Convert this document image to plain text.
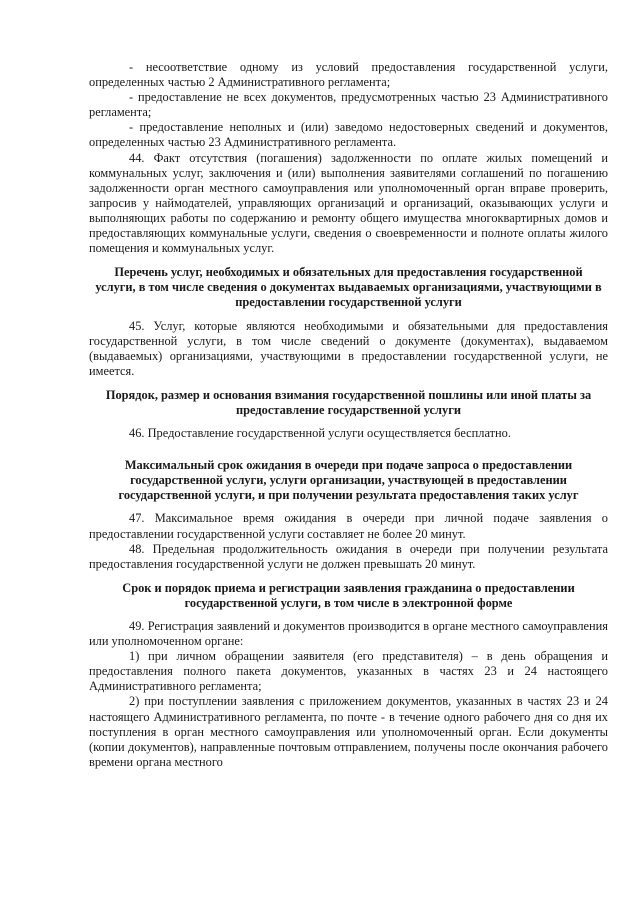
- несоответствие одному из условий предоставления государственной услуги, определенных частью 2 Административного регламента;

- предоставление не всех документов, предусмотренных частью 23 Административного регламента;

- предоставление неполных и (или) заведомо недостоверных сведений и документов, определенных частью 23 Административного регламента.

44. Факт отсутствия (погашения) задолженности по оплате жилых помещений и коммунальных услуг, заключения и (или) выполнения заявителями соглашений по погашению задолженности орган местного самоуправления или уполномоченный орган вправе проверить, запросив у наймодателей, управляющих организаций и организаций, оказывающих услуги и выполняющих работы по содержанию и ремонту общего имущества многоквартирных домов и предоставляющих коммунальные услуги, сведения о своевременности и полноте оплаты жилого помещения и коммунальных услуг.

Перечень услуг, необходимых и обязательных для предоставления государственной услуги, в том числе сведения о документах выдаваемых организациями, участвующими в предоставлении государственной услуги

45. Услуг, которые являются необходимыми и обязательными для предоставления государственной услуги, в том числе сведений о документе (документах), выдаваемом (выдаваемых) организациями, участвующими в предоставлении государственной услуги, не имеется.

Порядок, размер и основания взимания государственной пошлины или иной платы за предоставление государственной услуги

46. Предоставление государственной услуги осуществляется бесплатно.

Максимальный срок ожидания в очереди при подаче запроса о предоставлении государственной услуги, услуги организации, участвующей в предоставлении государственной услуги, и при получении результата предоставления таких услуг

47. Максимальное время ожидания в очереди при личной подаче заявления о предоставлении государственной услуги составляет не более 20 минут.

48. Предельная продолжительность ожидания в очереди при получении результата предоставления государственной услуги не должен превышать 20 минут.

Срок и порядок приема и регистрации заявления гражданина о предоставлении государственной услуги, в том числе в электронной форме

49. Регистрация заявлений и документов производится в органе местного самоуправления или уполномоченном органе:

1) при личном обращении заявителя (его представителя) – в день обращения и предоставления полного пакета документов, указанных в частях 23 и 24 настоящего Административного регламента;

2) при поступлении заявления с приложением документов, указанных в частях 23 и 24 настоящего Административного регламента, по почте - в течение одного рабочего дня со дня их поступления в орган местного самоуправления или уполномоченный орган. Если документы (копии документов), направленные почтовым отправлением, получены после окончания рабочего времени органа местного
